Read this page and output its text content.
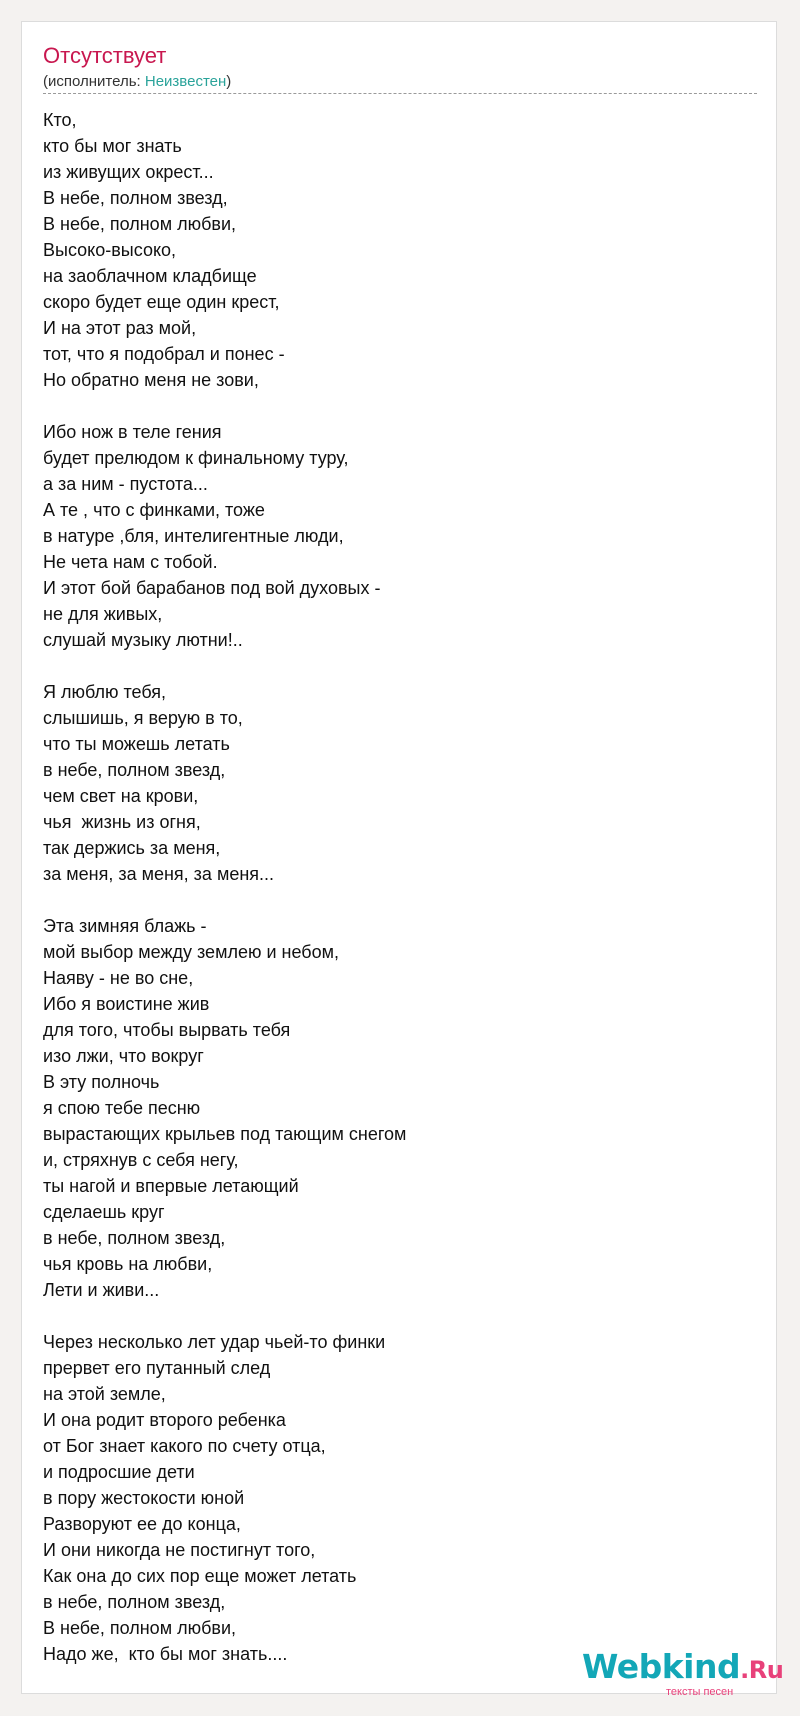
Отсутствует
(исполнитель: Неизвестен)
Кто,
кто бы мог знать
из живущих окрест...
В небе, полном звезд,
В небе, полном любви,
Высоко-высоко,
на заоблачном кладбище
скоро будет еще один крест,
И на этот раз мой,
тот, что я подобрал и понес -
Но обратно меня не зови,
Ибо нож в теле гения
будет прелюдом к финальному туру,
а за ним - пустота...
А те , что с финками, тоже
в натуре ,бля, интелигентные люди,
Не чета нам с тобой.
И этот бой барабанов под вой духовых -
не для живых,
слушай музыку лютни!..
Я люблю тебя,
слышишь, я верую в то,
что ты можешь летать
в небе, полном звезд,
чем свет на крови,
чья  жизнь из огня,
так держись за меня,
за меня, за меня, за меня...
Эта зимняя блажь -
мой выбор между землею и небом,
Наяву - не во сне,
Ибо я воистине жив
для того, чтобы вырвать тебя
изо лжи, что вокруг
В эту полночь
я спою тебе песню
вырастающих крыльев под тающим снегом
и, стряхнув с себя негу,
ты нагой и впервые летающий
сделаешь круг
в небе, полном звезд,
чья кровь на любви,
Лети и живи...
Через несколько лет удар чьей-то финки
прервет его путанный след
на этой земле,
И она родит второго ребенка
от Бог знает какого по счету отца,
и подросшие дети
в пору жестокости юной
Разворуют ее до конца,
И они никогда не постигнут того,
Как она до сих пор еще может летать
в небе, полном звезд,
В небе, полном любви,
Надо же,  кто бы мог знать....	Webkind.Ru
тексты песен
